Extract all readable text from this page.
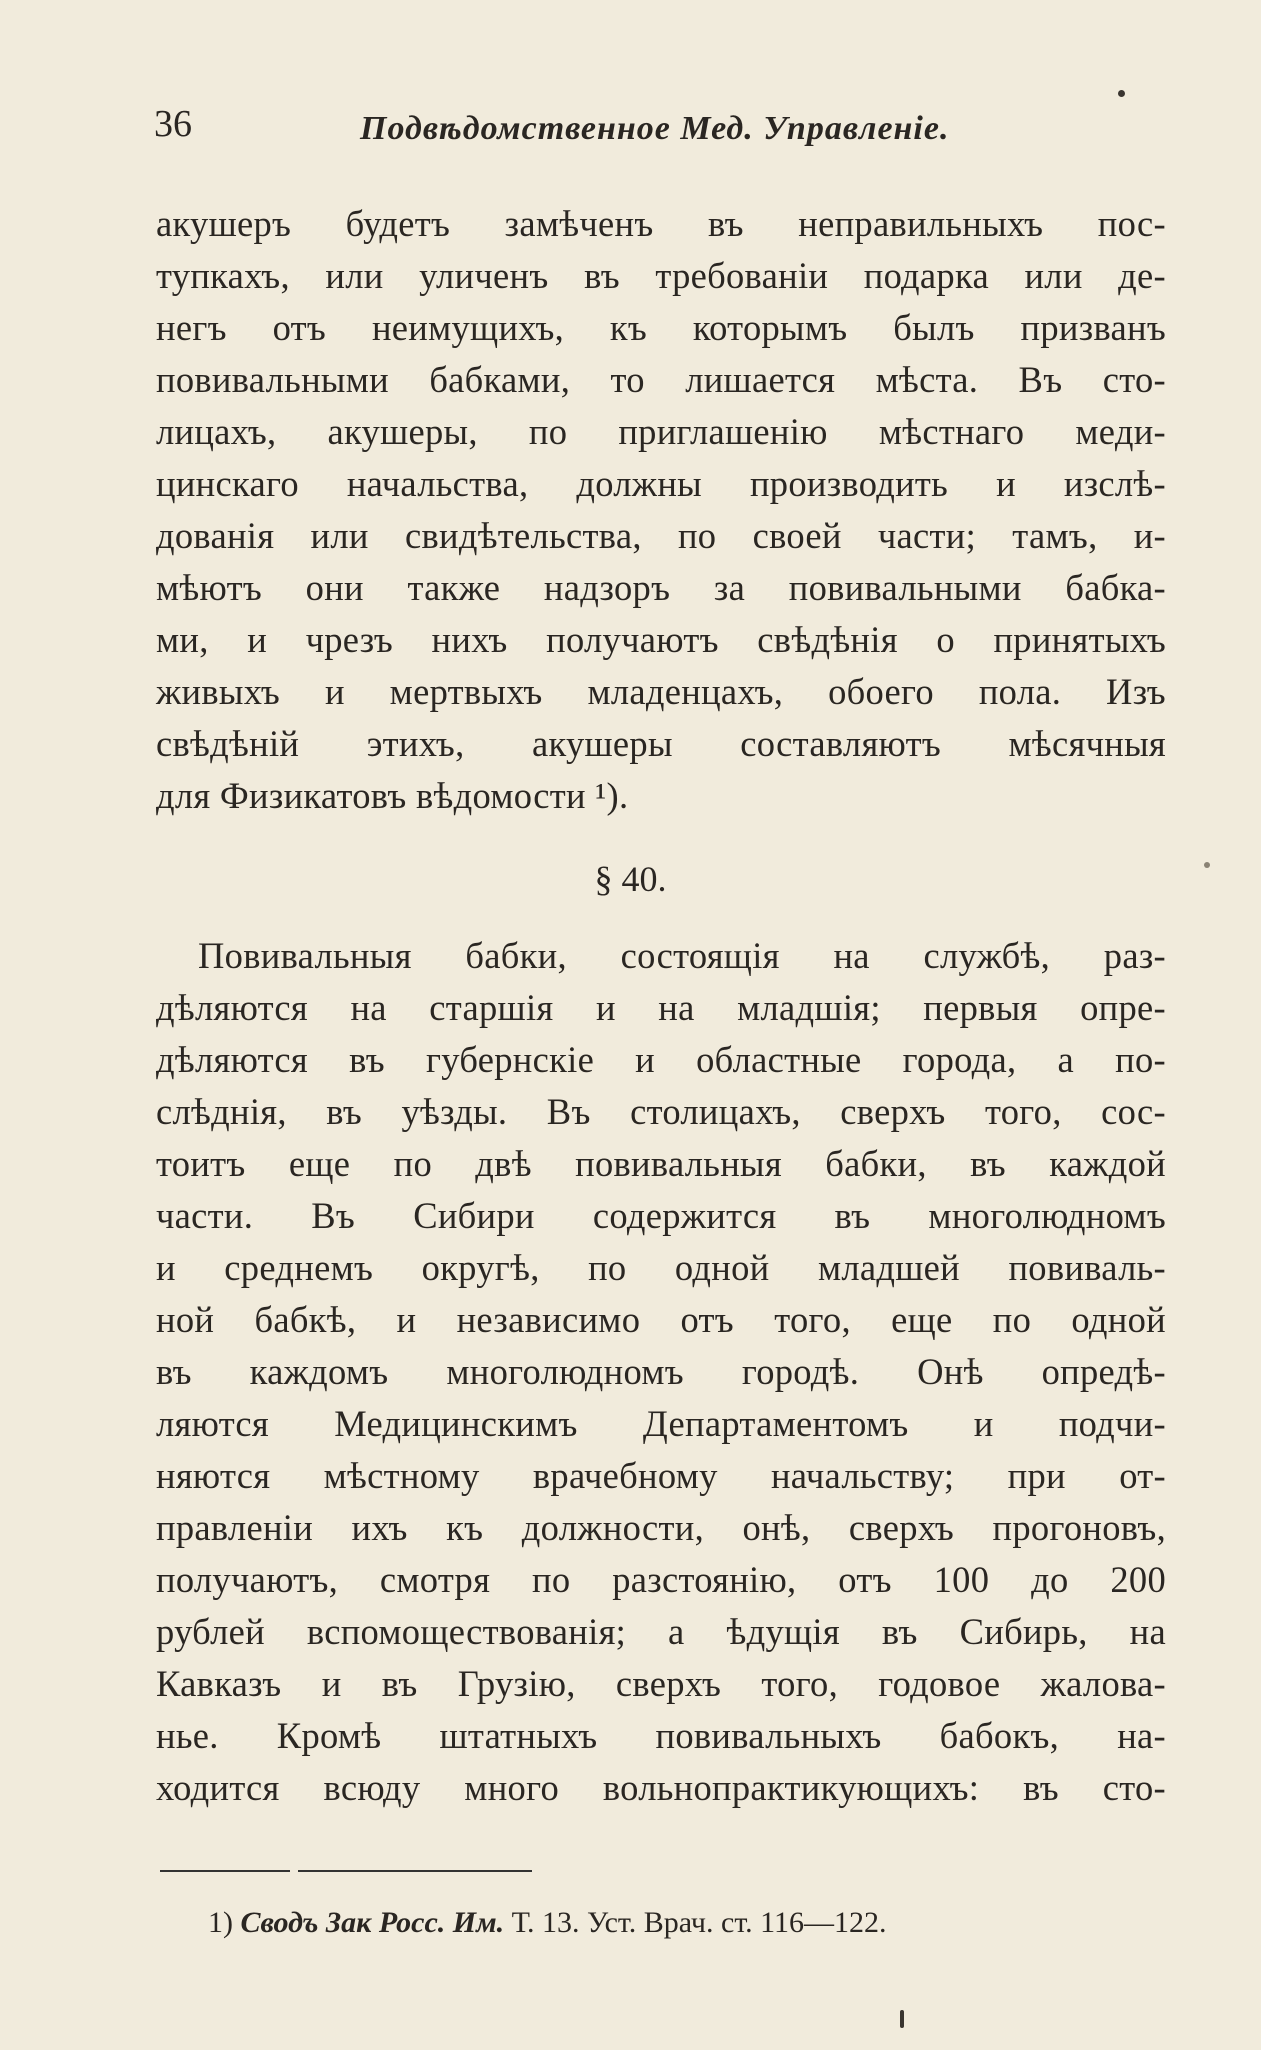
36	Подвѣдомственное Мед. Управленіе.
акушеръ будетъ замѣченъ въ неправильныхъ пос-
тупкахъ, или уличенъ въ требованіи подарка или де-
негъ отъ неимущихъ, къ которымъ былъ призванъ
повивальными бабками, то лишается мѣста. Въ сто-
лицахъ, акушеры, по приглашенію мѣстнаго меди-
цинскаго начальства, должны производить и изслѣ-
дованія или свидѣтельства, по своей части; тамъ, и-
мѣютъ они также надзоръ за повивальными бабка-
ми, и чрезъ нихъ получаютъ свѣдѣнія о принятыхъ
живыхъ и мертвыхъ младенцахъ, обоего пола. Изъ
свѣдѣній этихъ, акушеры составляютъ мѣсячныя
для Физикатовъ вѣдомости ¹).
§ 40.
Повивальныя бабки, состоящія на службѣ, раз-
дѣляются на старшія и на младшія; первыя опре-
дѣляются въ губернскіе и областные города, а по-
слѣднія, въ уѣзды. Въ столицахъ, сверхъ того, сос-
тоитъ еще по двѣ повивальныя бабки, въ каждой
части. Въ Сибири содержится въ многолюдномъ
и среднемъ округѣ, по одной младшей повиваль-
ной бабкѣ, и независимо отъ того, еще по одной
въ каждомъ многолюдномъ городѣ. Онѣ опредѣ-
ляются Медицинскимъ Департаментомъ и подчи-
няются мѣстному врачебному начальству; при от-
правленіи ихъ къ должности, онѣ, сверхъ прогоновъ,
получаютъ, смотря по разстоянію, отъ 100 до 200
рублей вспомоществованія; а ѣдущія въ Сибирь, на
Кавказъ и въ Грузію, сверхъ того, годовое жалова-
нье. Кромѣ штатныхъ повивальныхъ бабокъ, на-
ходится всюду много вольнопрактикующихъ: въ сто-
1) Сводъ Зак Росс. Им. Т. 13. Уст. Врач. ст. 116—122.
